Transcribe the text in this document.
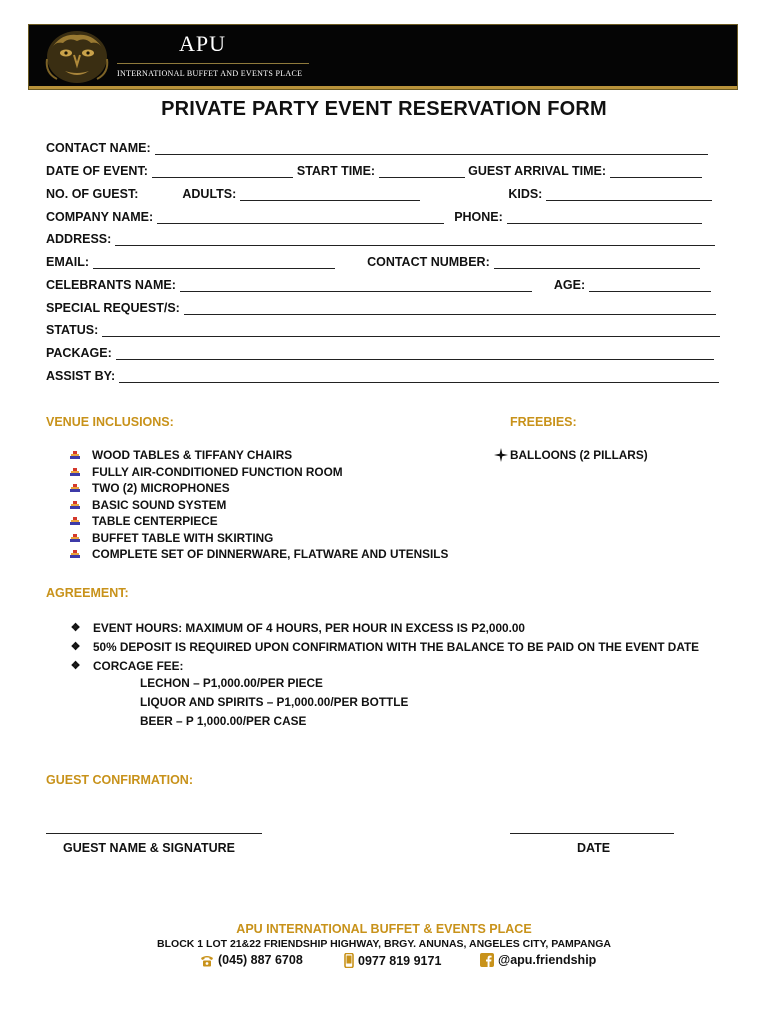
APU
INTERNATIONAL BUFFET AND EVENTS PLACE
PRIVATE PARTY EVENT RESERVATION FORM
CONTACT NAME:
DATE OF EVENT:	START TIME:	GUEST ARRIVAL TIME:
NO. OF GUEST:	ADULTS:	KIDS:
COMPANY NAME:	PHONE:
ADDRESS:
EMAIL:	CONTACT NUMBER:
CELEBRANTS NAME:	AGE:
SPECIAL REQUEST/S:
STATUS:
PACKAGE:
ASSIST BY:
VENUE INCLUSIONS:	FREEBIES:
WOOD TABLES & TIFFANY CHAIRS
FULLY AIR-CONDITIONED FUNCTION ROOM
TWO (2) MICROPHONES
BASIC SOUND SYSTEM
TABLE CENTERPIECE
BUFFET TABLE WITH SKIRTING
COMPLETE SET OF DINNERWARE, FLATWARE AND UTENSILS
BALLOONS (2 PILLARS)
AGREEMENT:
❖ EVENT HOURS: MAXIMUM OF 4 HOURS, PER HOUR IN EXCESS IS P2,000.00
❖ 50% DEPOSIT IS REQUIRED UPON CONFIRMATION WITH THE BALANCE TO BE PAID ON THE EVENT DATE
❖ CORCAGE FEE:
LECHON – P1,000.00/PER PIECE
LIQUOR AND SPIRITS – P1,000.00/PER BOTTLE
BEER – P 1,000.00/PER CASE
GUEST CONFIRMATION:
GUEST NAME & SIGNATURE	DATE
APU INTERNATIONAL BUFFET & EVENTS PLACE
BLOCK 1 LOT 21&22 FRIENDSHIP HIGHWAY, BRGY. ANUNAS, ANGELES CITY, PAMPANGA
(045) 887 6708	0977 819 9171	@apu.friendship
